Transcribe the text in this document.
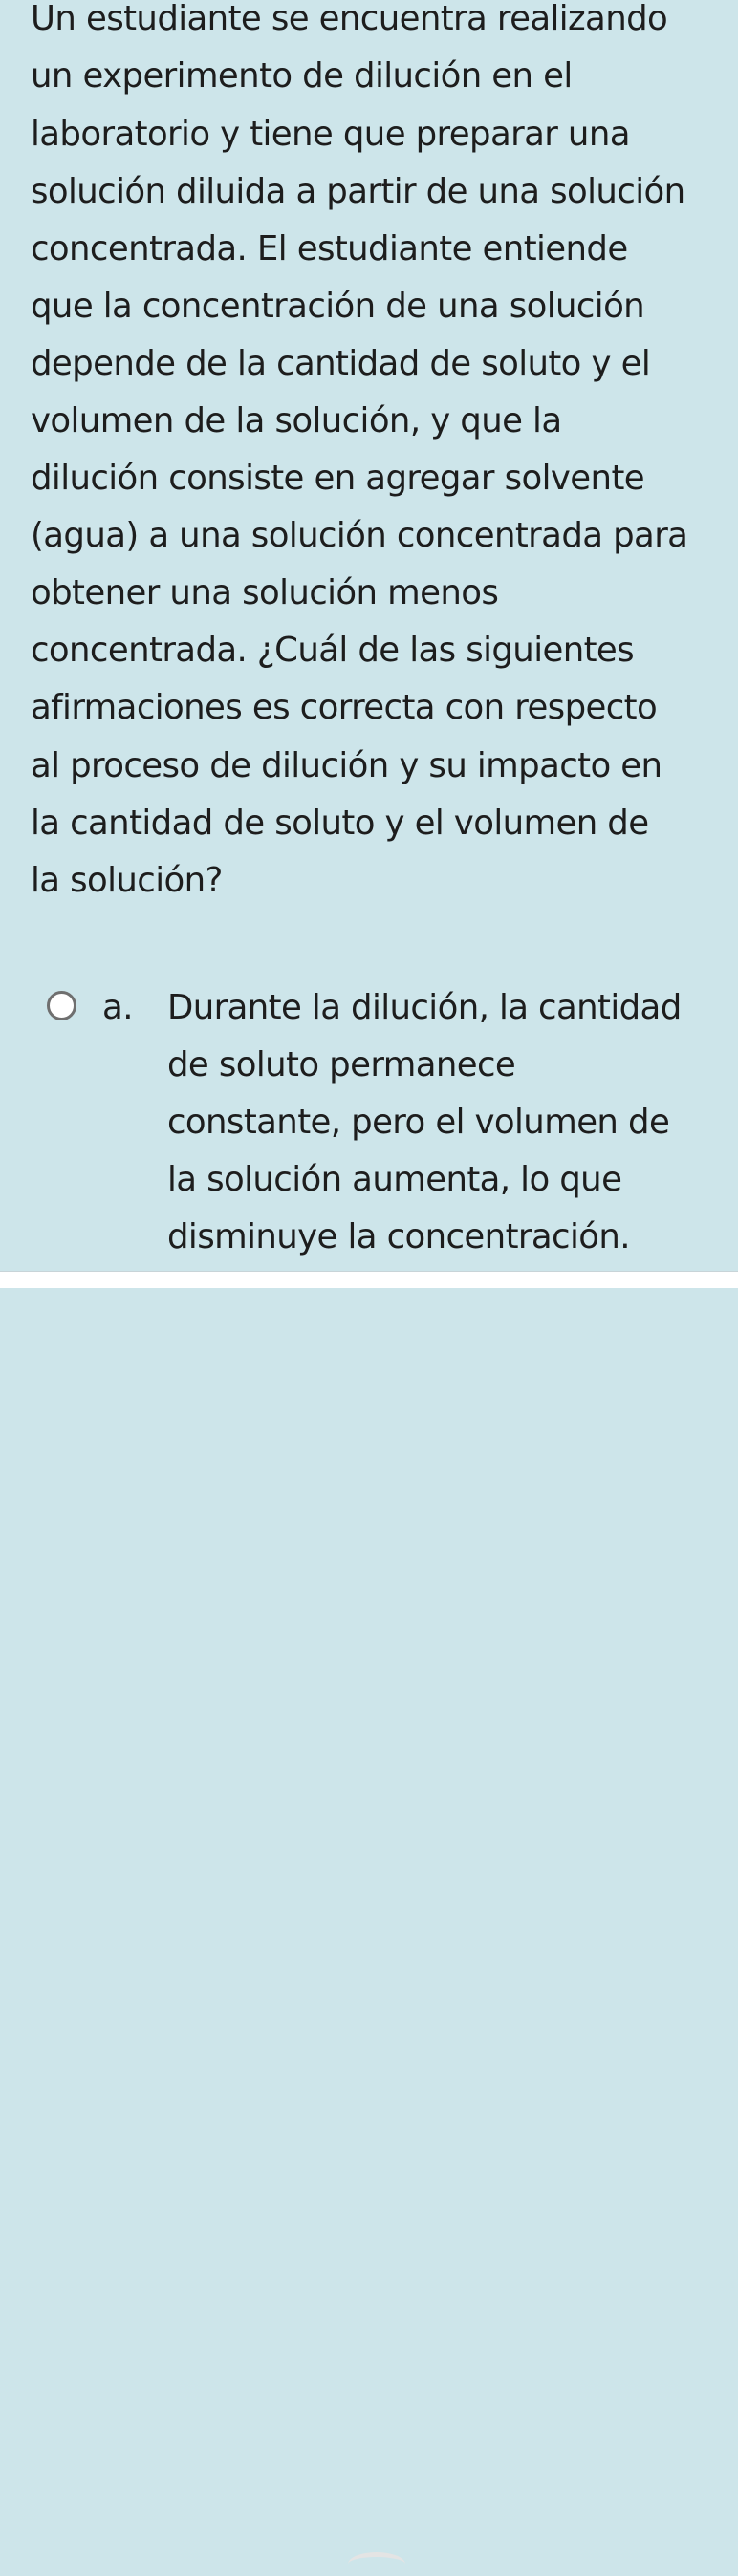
Un estudiante se encuentra realizando
un experimento de dilución en el
laboratorio y tiene que preparar una
solución diluida a partir de una solución
concentrada. El estudiante entiende
que la concentración de una solución
depende de la cantidad de soluto y el
volumen de la solución, y que la
dilución consiste en agregar solvente
(agua) a una solución concentrada para
obtener una solución menos
concentrada. ¿Cuál de las siguientes
afirmaciones es correcta con respecto
al proceso de dilución y su impacto en
la cantidad de soluto y el volumen de
la solución?
a. Durante la dilución, la cantidad
de soluto permanece
constante, pero el volumen de
la solución aumenta, lo que
disminuye la concentración.
